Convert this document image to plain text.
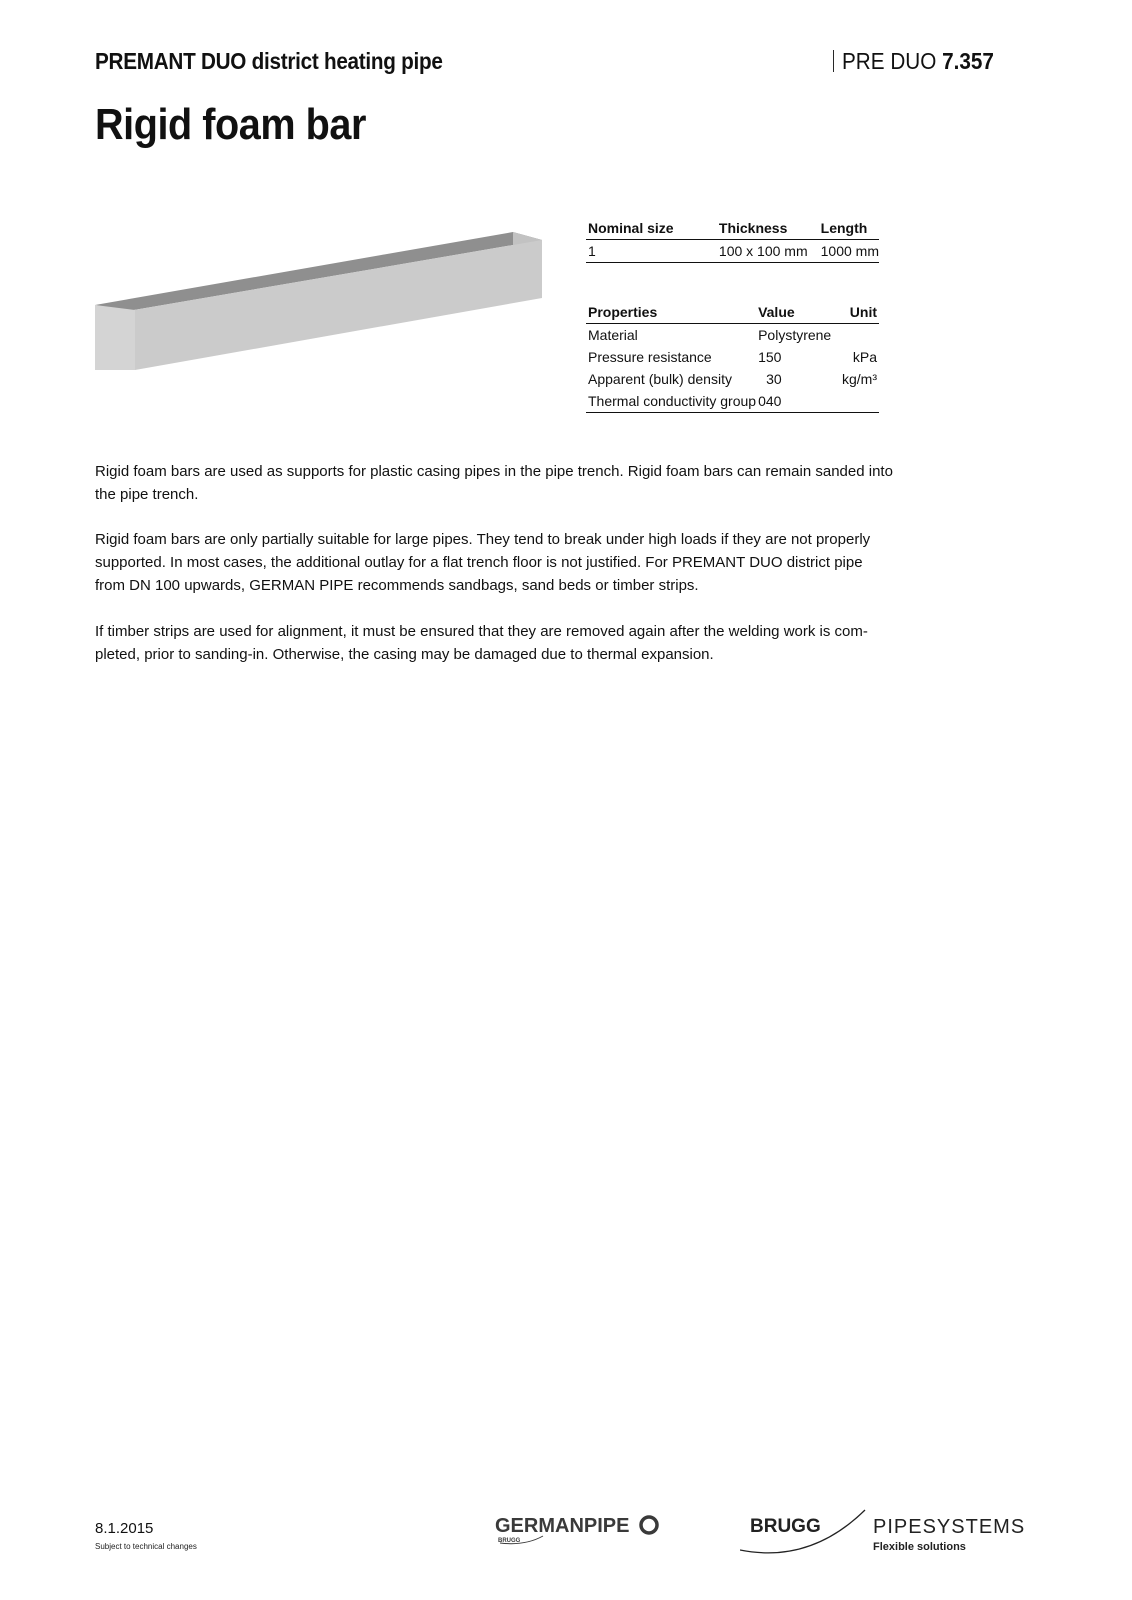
PREMANT DUO district heating pipe	PRE DUO 7.357
Rigid foam bar
Nominal size	Thickness	Length
1	100 x 100 mm	1000 mm
Properties	Value	Unit
Material	Polystyrene	
Pressure resistance	150	kPa
Apparent (bulk) density	30	kg/m³
Thermal conductivity group	040	
Rigid foam bars are used as supports for plastic casing pipes in the pipe trench. Rigid foam bars can remain sanded into the pipe trench.
Rigid foam bars are only partially suitable for large pipes. They tend to break under high loads if they are not properly supported. In most cases, the additional outlay for a flat trench floor is not justified. For PREMANT DUO district pipe from DN 100 upwards, GERMAN PIPE recommends sandbags, sand beds or timber strips.
If timber strips are used for alignment, it must be ensured that they are removed again after the welding work is com-pleted, prior to sanding-in. Otherwise, the casing may be damaged due to thermal expansion.
8.1.2015
Subject to technical changes
GERMANPIPE
BRUGG
BRUGG	PIPESYSTEMS
Flexible solutions
